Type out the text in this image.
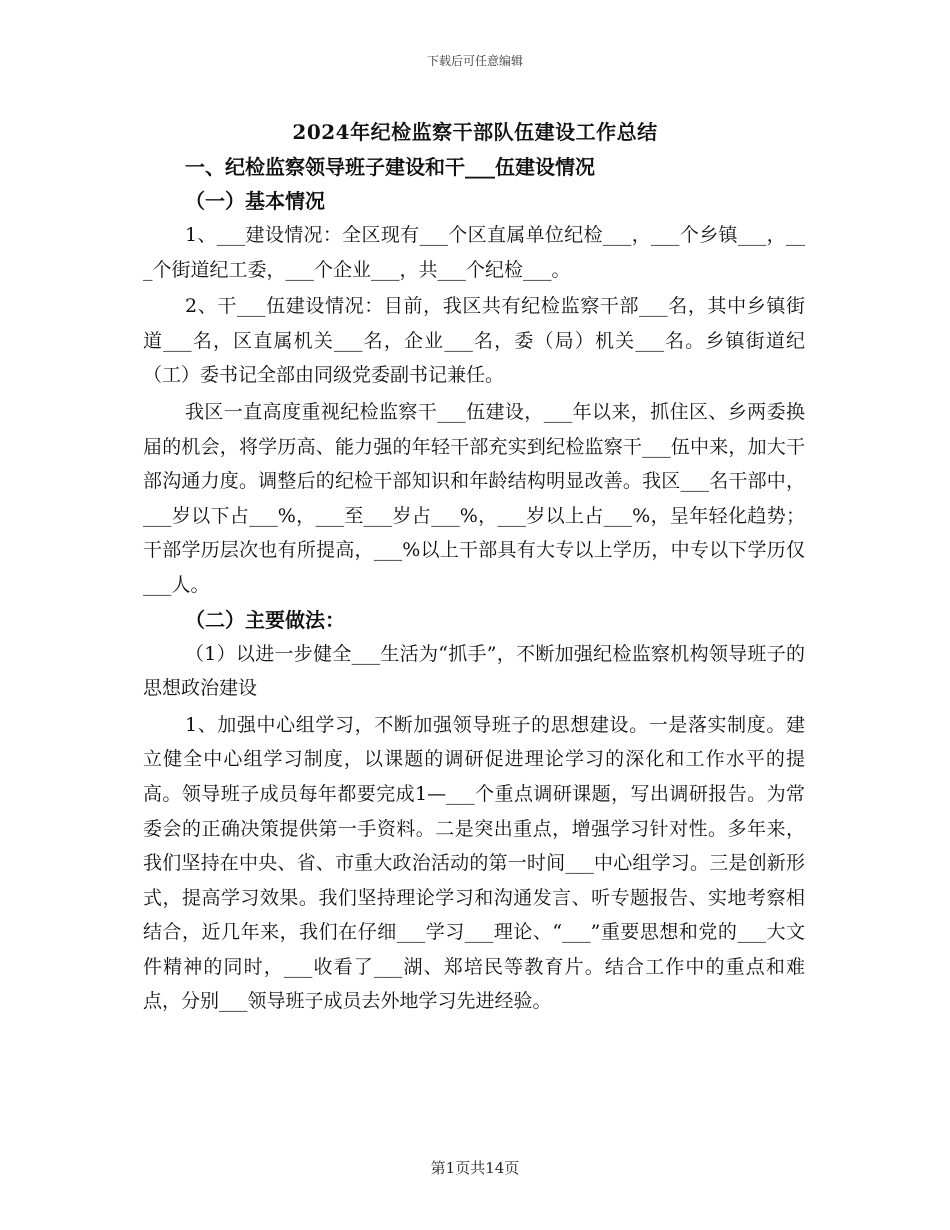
下载后可任意编辑
2024年纪检监察干部队伍建设工作总结
一、纪检监察领导班子建设和干___伍建设情况
（一）基本情况

1、___建设情况：全区现有___个区直属单位纪检___，___个乡镇___，___个街道纪工委，___个企业___，共___个纪检___。

2、干___伍建设情况：目前，我区共有纪检监察干部___名，其中乡镇街道___名，区直属机关___名，企业___名，委（局）机关___名。乡镇街道纪（工）委书记全部由同级党委副书记兼任。

我区一直高度重视纪检监察干___伍建设，___年以来，抓住区、乡两委换届的机会，将学历高、能力强的年轻干部充实到纪检监察干___伍中来，加大干部沟通力度。调整后的纪检干部知识和年龄结构明显改善。我区___名干部中，___岁以下占___%，___至___岁占___%，___岁以上占___%，呈年轻化趋势；干部学历层次也有所提高，___%以上干部具有大专以上学历，中专以下学历仅___人。

（二）主要做法：

（1）以进一步健全___生活为“抓手”，不断加强纪检监察机构领导班子的思想政治建设

1、加强中心组学习，不断加强领导班子的思想建设。一是落实制度。建立健全中心组学习制度，以课题的调研促进理论学习的深化和工作水平的提高。领导班子成员每年都要完成1—___个重点调研课题，写出调研报告。为常委会的正确决策提供第一手资料。二是突出重点，增强学习针对性。多年来，我们坚持在中央、省、市重大政治活动的第一时间___中心组学习。三是创新形式，提高学习效果。我们坚持理论学习和沟通发言、听专题报告、实地考察相结合，近几年来，我们在仔细___学习___理论、“___”重要思想和党的___大文件精神的同时，___收看了___湖、郑培民等教育片。结合工作中的重点和难点，分别___领导班子成员去外地学习先进经验。

第1页共14页
